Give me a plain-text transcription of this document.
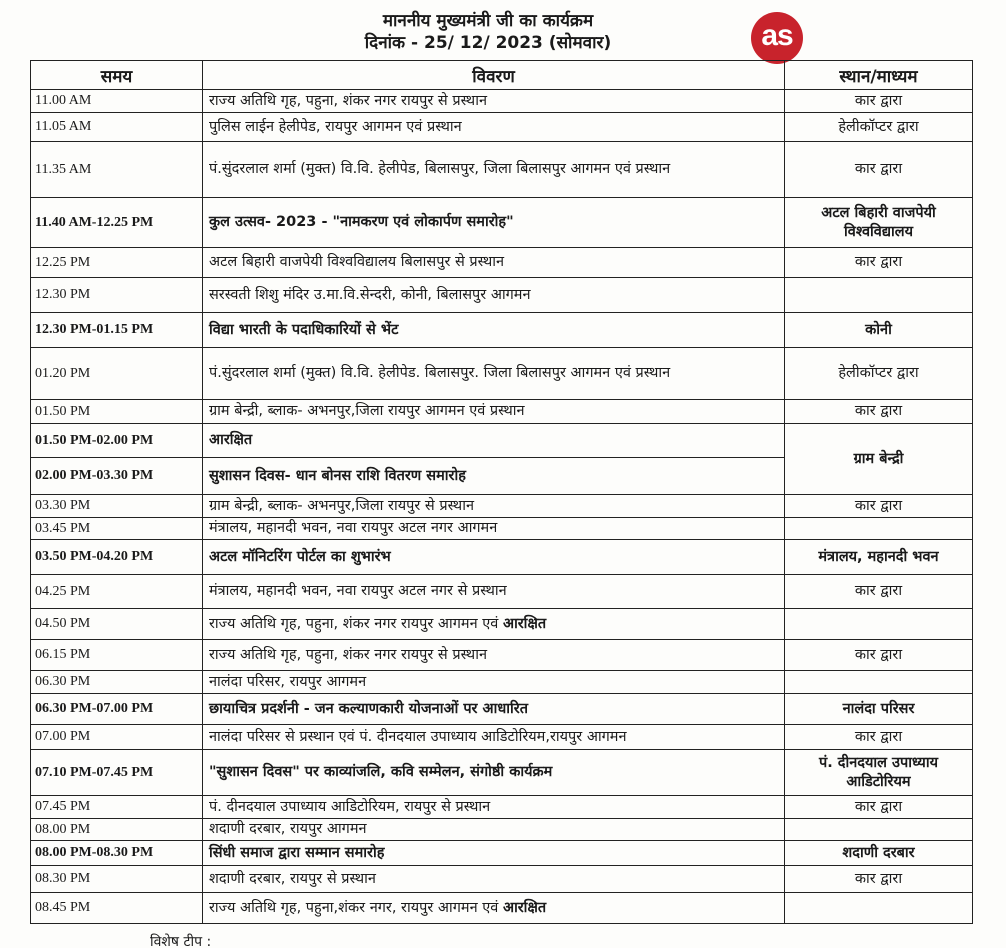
माननीय मुख्यमंत्री जी का कार्यक्रम
दिनांक - 25/ 12/ 2023 (सोमवार)	as
समय	विवरण	स्थान/माध्यम
11.00 AM	राज्य अतिथि गृह, पहुना, शंकर नगर रायपुर से प्रस्थान	कार द्वारा
11.05 AM	पुलिस लाईन हेलीपेड, रायपुर आगमन एवं प्रस्थान	हेलीकॉप्टर द्वारा
11.35 AM	पं.सुंदरलाल शर्मा (मुक्त) वि.वि. हेलीपेड, बिलासपुर, जिला बिलासपुर आगमन एवं प्रस्थान	कार द्वारा
11.40 AM-12.25 PM	कुल उत्सव- 2023 - "नामकरण एवं लोकार्पण समारोह"	अटल बिहारी वाजपेयी विश्वविद्यालय
12.25 PM	अटल बिहारी वाजपेयी विश्वविद्यालय बिलासपुर से प्रस्थान	कार द्वारा
12.30 PM	सरस्वती शिशु मंदिर उ.मा.वि.सेन्दरी, कोनी, बिलासपुर आगमन	
12.30 PM-01.15 PM	विद्या भारती के पदाधिकारियों से भेंट	कोनी
01.20 PM	पं.सुंदरलाल शर्मा (मुक्त) वि.वि. हेलीपेड. बिलासपुर. जिला बिलासपुर आगमन एवं प्रस्थान	हेलीकॉप्टर द्वारा
01.50 PM	ग्राम बेन्द्री, ब्लाक- अभनपुर,जिला रायपुर आगमन एवं प्रस्थान	कार द्वारा
01.50 PM-02.00 PM	आरक्षित	ग्राम बेन्द्री
02.00 PM-03.30 PM	सुशासन दिवस- धान बोनस राशि वितरण समारोह	
03.30 PM	ग्राम बेन्द्री, ब्लाक- अभनपुर,जिला रायपुर से प्रस्थान	कार द्वारा
03.45 PM	मंत्रालय, महानदी भवन, नवा रायपुर अटल नगर आगमन	
03.50 PM-04.20 PM	अटल मॉनिटरिंग पोर्टल का शुभारंभ	मंत्रालय, महानदी भवन
04.25 PM	मंत्रालय, महानदी भवन, नवा रायपुर अटल नगर से प्रस्थान	कार द्वारा
04.50 PM	राज्य अतिथि गृह, पहुना, शंकर नगर रायपुर आगमन एवं आरक्षित	
06.15 PM	राज्य अतिथि गृह, पहुना, शंकर नगर रायपुर से प्रस्थान	कार द्वारा
06.30 PM	नालंदा परिसर, रायपुर आगमन	
06.30 PM-07.00 PM	छायाचित्र प्रदर्शनी - जन कल्याणकारी योजनाओं पर आधारित	नालंदा परिसर
07.00 PM	नालंदा परिसर से प्रस्थान एवं पं. दीनदयाल उपाध्याय आडिटोरियम,रायपुर आगमन	कार द्वारा
07.10 PM-07.45 PM	"सुशासन दिवस" पर काव्यांजलि, कवि सम्मेलन, संगोष्ठी कार्यक्रम	पं. दीनदयाल उपाध्याय आडिटोरियम
07.45 PM	पं. दीनदयाल उपाध्याय आडिटोरियम, रायपुर से प्रस्थान	कार द्वारा
08.00 PM	शदाणी दरबार, रायपुर आगमन	
08.00 PM-08.30 PM	सिंधी समाज द्वारा सम्मान समारोह	शदाणी दरबार
08.30 PM	शदाणी दरबार, रायपुर से प्रस्थान	कार द्वारा
08.45 PM	राज्य अतिथि गृह, पहुना,शंकर नगर, रायपुर आगमन एवं आरक्षित	
विशेष टीप :
